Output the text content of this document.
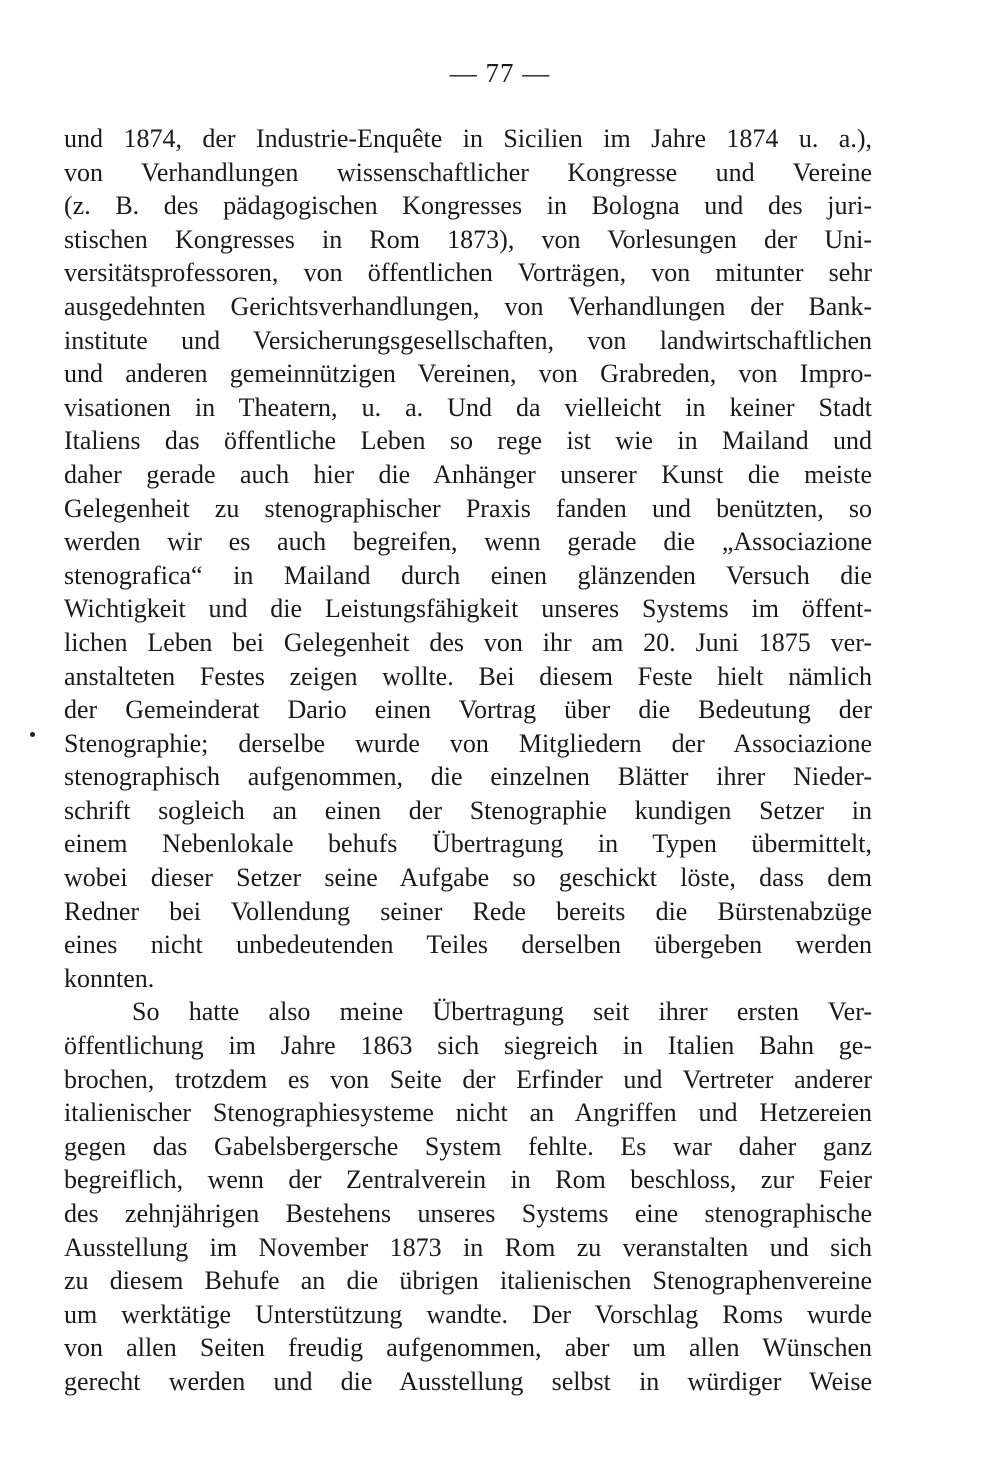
— 77 —
und 1874, der Industrie-Enquête in Sicilien im Jahre 1874 u. a.),
von Verhandlungen wissenschaftlicher Kongresse und Vereine
(z. B. des pädagogischen Kongresses in Bologna und des juri-
stischen Kongresses in Rom 1873), von Vorlesungen der Uni-
versitätsprofessoren, von öffentlichen Vorträgen, von mitunter sehr
ausgedehnten Gerichtsverhandlungen, von Verhandlungen der Bank-
institute und Versicherungsgesellschaften, von landwirtschaftlichen
und anderen gemeinnützigen Vereinen, von Grabreden, von Impro-
visationen in Theatern, u. a. Und da vielleicht in keiner Stadt
Italiens das öffentliche Leben so rege ist wie in Mailand und
daher gerade auch hier die Anhänger unserer Kunst die meiste
Gelegenheit zu stenographischer Praxis fanden und benützten, so
werden wir es auch begreifen, wenn gerade die „Associazione
stenografica“ in Mailand durch einen glänzenden Versuch die
Wichtigkeit und die Leistungsfähigkeit unseres Systems im öffent-
lichen Leben bei Gelegenheit des von ihr am 20. Juni 1875 ver-
anstalteten Festes zeigen wollte. Bei diesem Feste hielt nämlich
der Gemeinderat Dario einen Vortrag über die Bedeutung der
Stenographie; derselbe wurde von Mitgliedern der Associazione
stenographisch aufgenommen, die einzelnen Blätter ihrer Nieder-
schrift sogleich an einen der Stenographie kundigen Setzer in
einem Nebenlokale behufs Übertragung in Typen übermittelt,
wobei dieser Setzer seine Aufgabe so geschickt löste, dass dem
Redner bei Vollendung seiner Rede bereits die Bürstenabzüge
eines nicht unbedeutenden Teiles derselben übergeben werden
konnten.
So hatte also meine Übertragung seit ihrer ersten Ver-
öffentlichung im Jahre 1863 sich siegreich in Italien Bahn ge-
brochen, trotzdem es von Seite der Erfinder und Vertreter anderer
italienischer Stenographiesysteme nicht an Angriffen und Hetzereien
gegen das Gabelsbergersche System fehlte. Es war daher ganz
begreiflich, wenn der Zentralverein in Rom beschloss, zur Feier
des zehnjährigen Bestehens unseres Systems eine stenographische
Ausstellung im November 1873 in Rom zu veranstalten und sich
zu diesem Behufe an die übrigen italienischen Stenographenvereine
um werktätige Unterstützung wandte. Der Vorschlag Roms wurde
von allen Seiten freudig aufgenommen, aber um allen Wünschen
gerecht werden und die Ausstellung selbst in würdiger Weise
